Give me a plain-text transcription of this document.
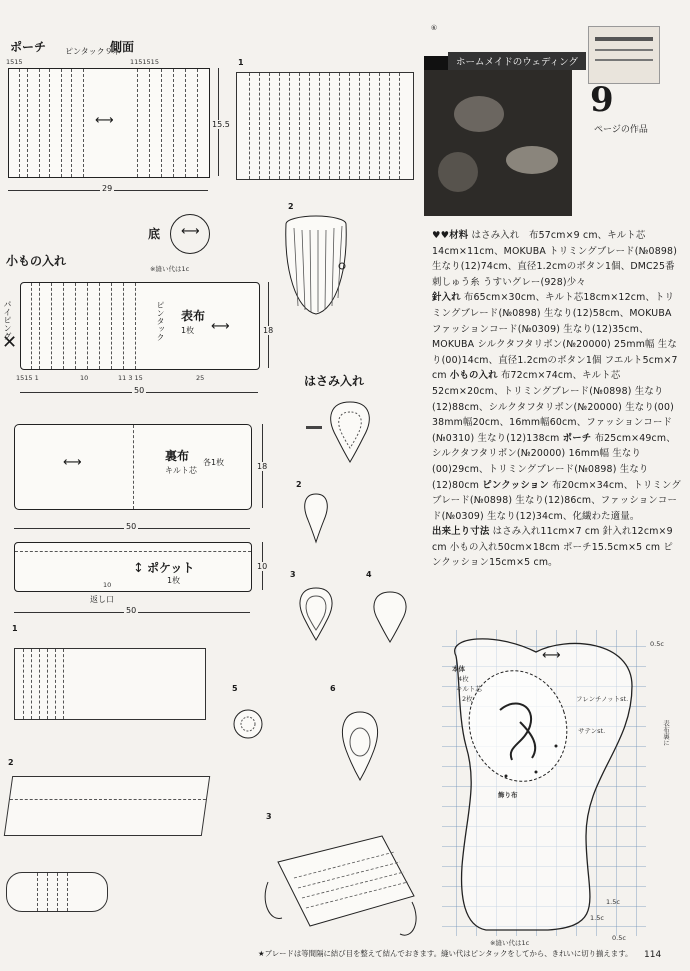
ポーチ ピンタック９本
側面
1515	1151515
⟷
29
15.5
底 ⟷
※縫い代は1c
小もの入れ
パイピング
✕
ピンタック 表布
1枚 ⟷
1515 1	10	11 3 15	25
50
18
⟷	裏布
キルト芯
各1枚
50
18
ポケット
1枚
↕
10
返し口
50
10
1
2
1
2
はさみ入れ
2
3	4
5	6
3
⑥
ホームメイドのウェディング
9
ページの作品
♥♥材料 はさみ入れ　布57cm×9 cm、キルト芯14cm×11cm、MOKUBA トリミングブレード(№0898) 生なり(12)74cm、直径1.2cmのボタン1個、DMC25番刺しゅう糸 うすいグレー(928)少々
針入れ 布65cm×30cm、キルト芯18cm×12cm、トリミングブレード(№0898) 生なり(12)58cm、MOKUBA ファッションコード(№0309) 生なり(12)35cm、MOKUBA シルクタフタリボン(№20000) 25mm幅 生なり(00)14cm、直径1.2cmのボタン1個 フエルト5cm×7 cm 小もの入れ 布72cm×74cm、キルト芯52cm×20cm、トリミングブレード(№0898) 生なり(12)88cm、シルクタフタリボン(№20000) 生なり(00) 38mm幅20cm、16mm幅60cm、ファッションコード(№0310) 生なり(12)138cm ポーチ 布25cm×49cm、シルクタフタリボン(№20000) 16mm幅 生なり(00)29cm、トリミングブレード(№0898) 生なり(12)80cm ピンクッション 布20cm×34cm、トリミングブレード(№0898) 生なり(12)86cm、ファッションコード(№0309) 生なり(12)34cm、化繊わた適量。
出来上り寸法 はさみ入れ11cm×7 cm 針入れ12cm×9 cm 小もの入れ50cm×18cm ポーチ15.5cm×5 cm ピンクッション15cm×5 cm。
⟷
本体
4枚
キルト芯
2枚	フレンチノットst.
サテンst.
飾り布
0.5c
表布裏に
1.5c
1.5c
0.5c
※縫い代は1c
★ブレードは等間隔に結び目を整えて結んでおきます。縫い代はピンタックをしてから、きれいに切り揃えます。 114
